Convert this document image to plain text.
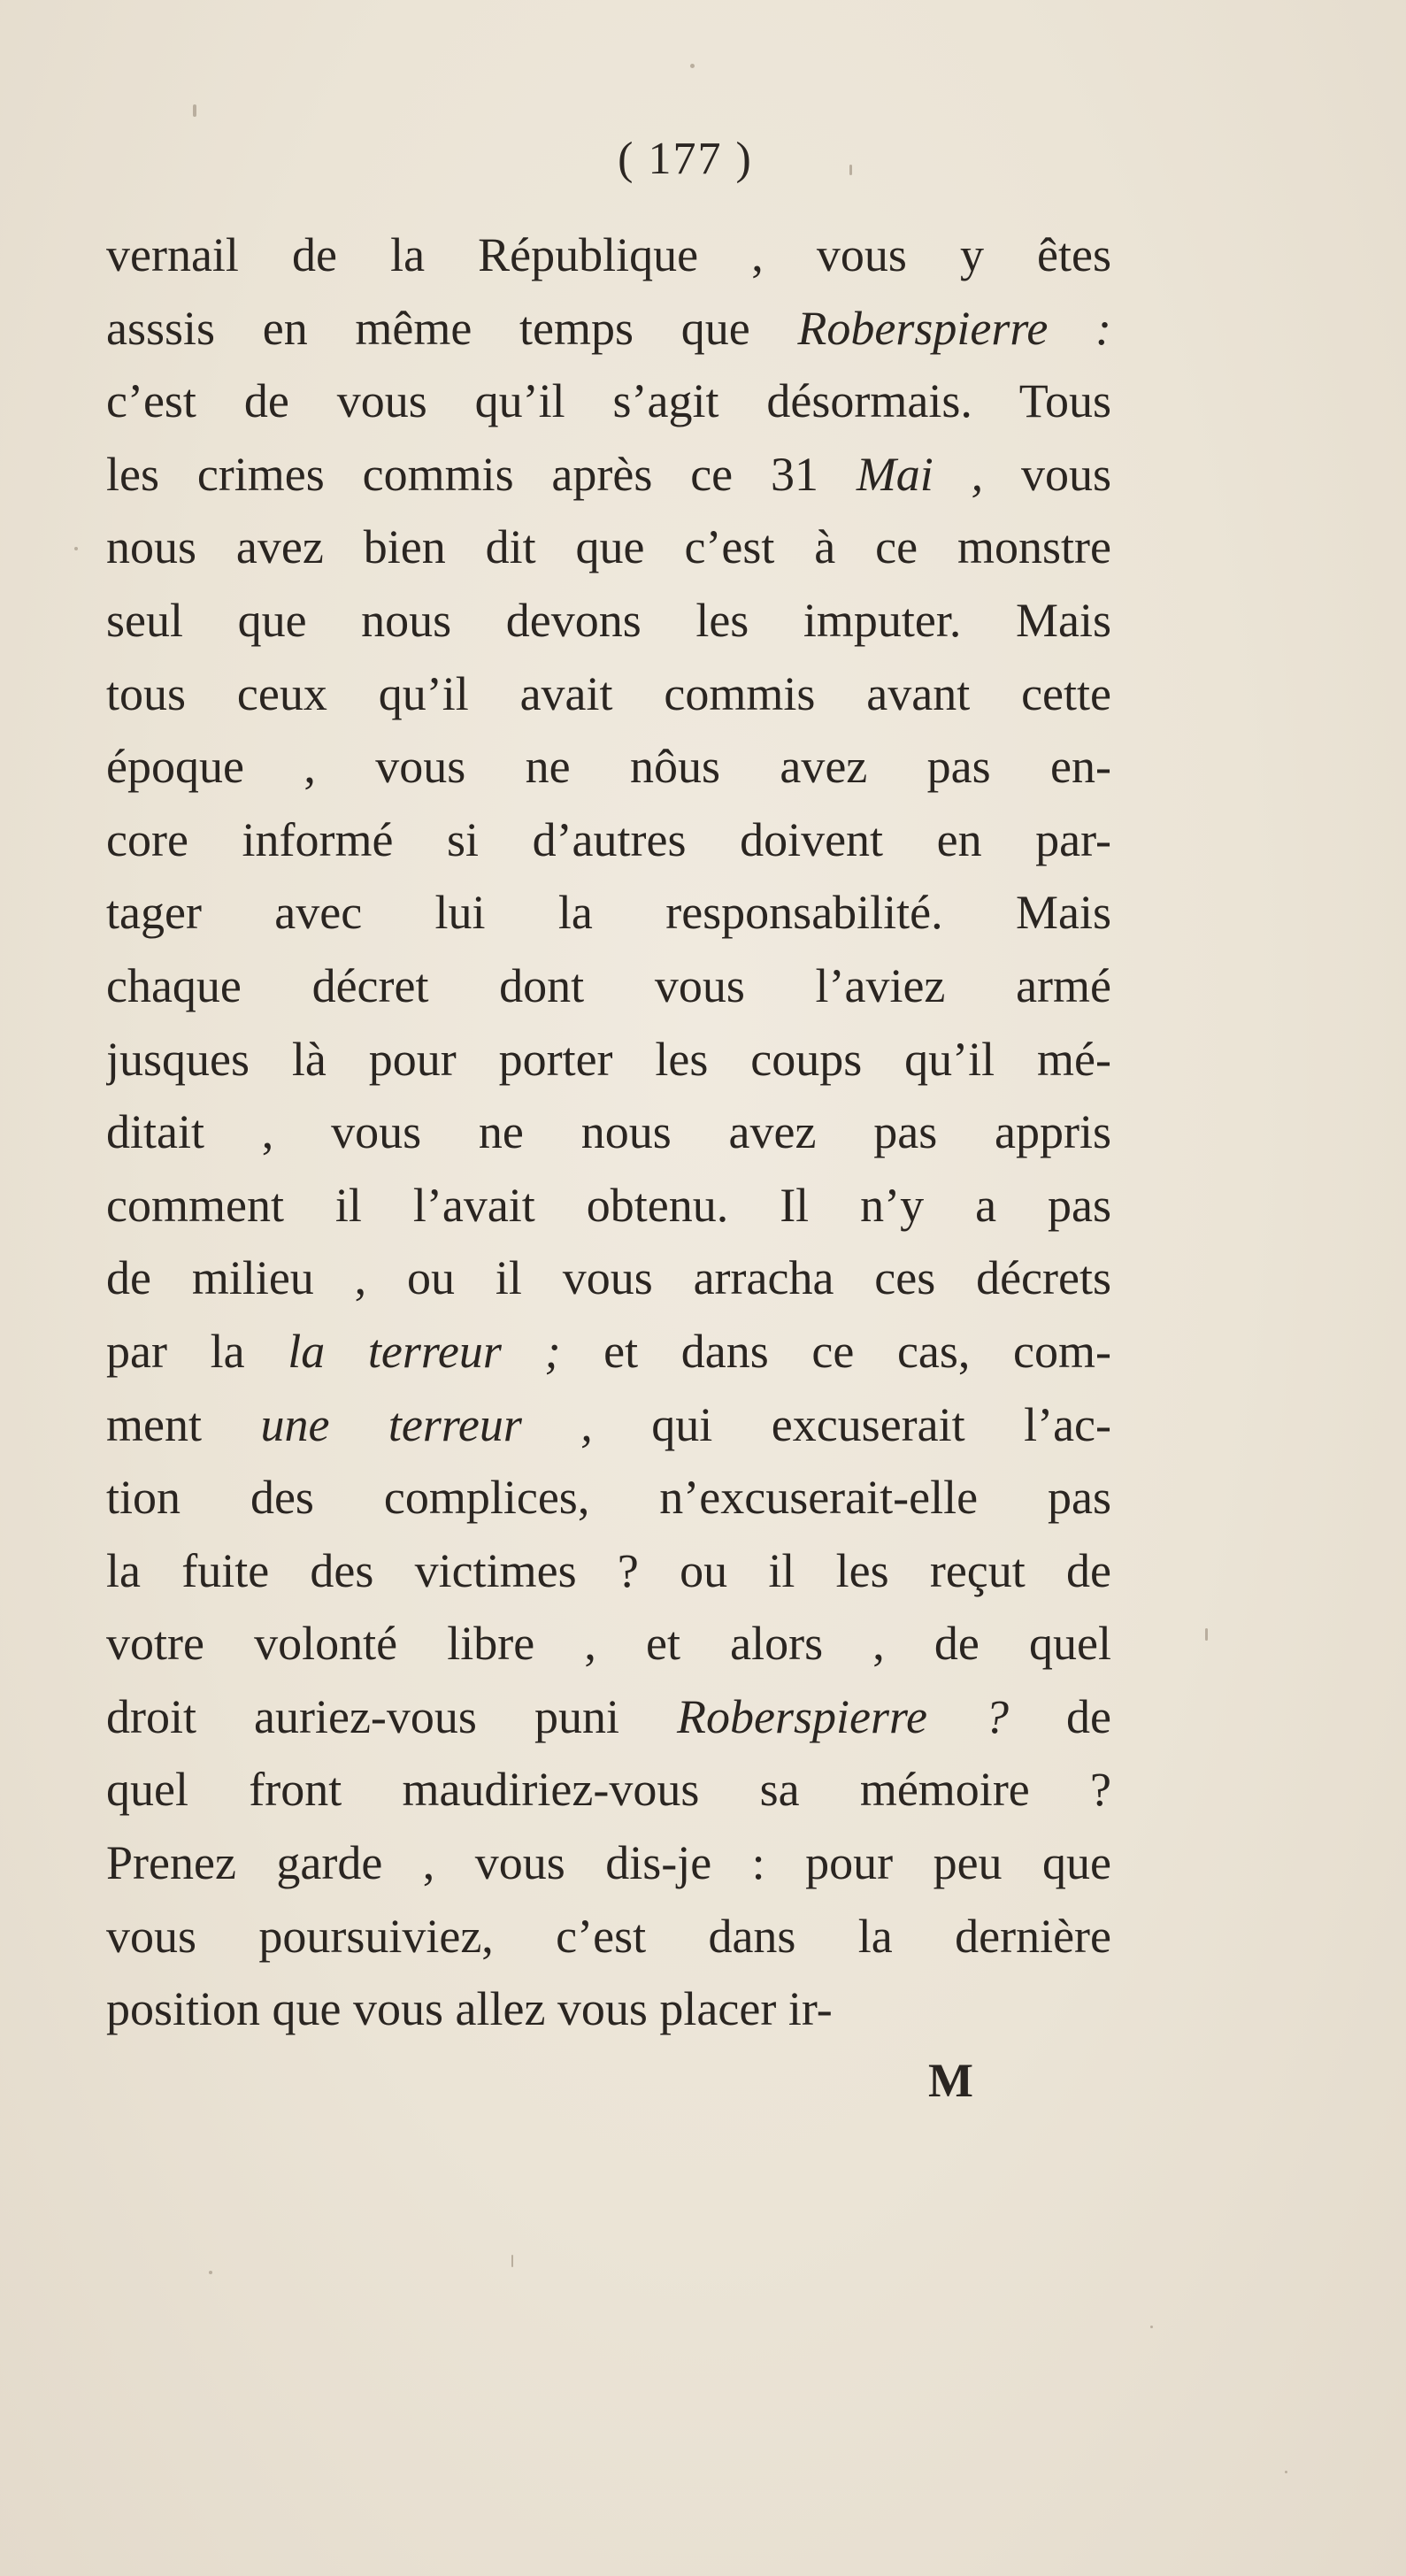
( 177 )
vernail de la République , vous y êtes
asssis en même temps que Roberspierre :
c’est de vous qu’il s’agit désormais. Tous
les crimes commis après ce 31 Mai , vous
nous avez bien dit que c’est à ce monstre
seul que nous devons les imputer. Mais
tous ceux qu’il avait commis avant cette
époque , vous ne nôus avez pas en-
core informé si d’autres doivent en par-
tager avec lui la responsabilité. Mais
chaque décret dont vous l’aviez armé
jusques là pour porter les coups qu’il mé-
ditait , vous ne nous avez pas appris
comment il l’avait obtenu. Il n’y a pas
de milieu , ou il vous arracha ces décrets
par la la terreur ; et dans ce cas, com-
ment une terreur , qui excuserait l’ac-
tion des complices, n’excuserait-elle pas
la fuite des victimes ? ou il les reçut de
votre volonté libre , et alors , de quel
droit auriez-vous puni Roberspierre ? de
quel front maudiriez-vous sa mémoire ?
Prenez garde , vous dis-je : pour peu que
vous poursuiviez, c’est dans la dernière
position que vous allez vous placer ir-
M
